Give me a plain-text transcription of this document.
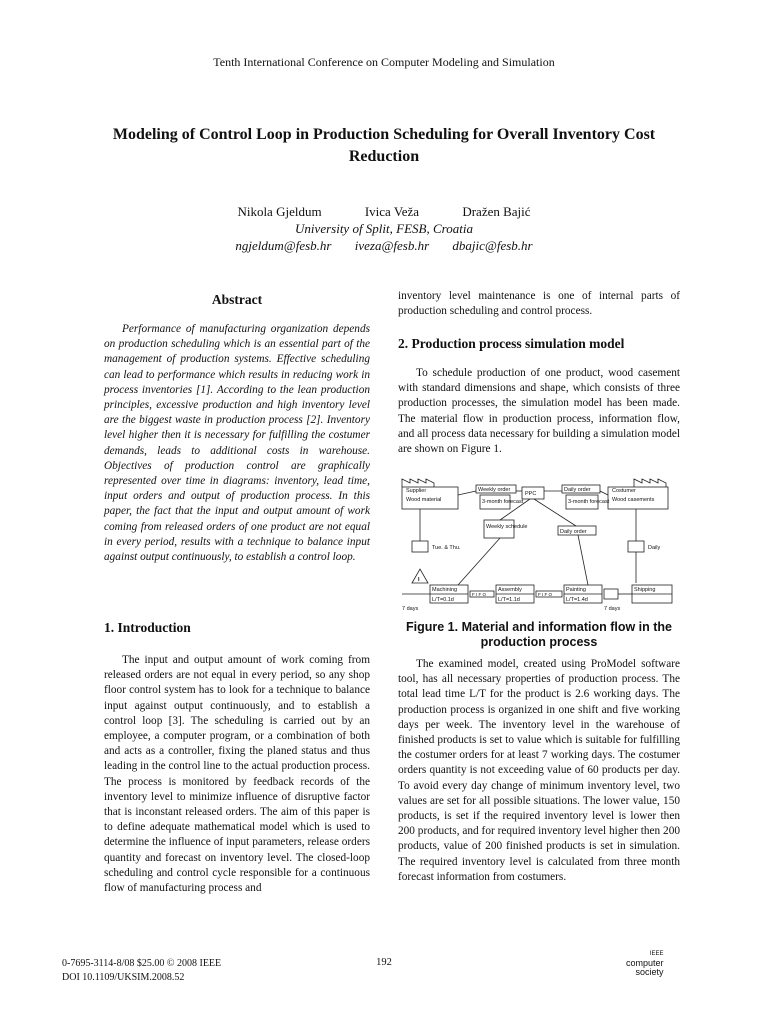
Tenth International Conference on Computer Modeling and Simulation
Modeling of Control Loop in Production Scheduling for Overall Inventory Cost Reduction
Nikola Gjeldum	Ivica Veža	Dražen Bajić
University of Split, FESB, Croatia
ngjeldum@fesb.hr iveza@fesb.hr dbajic@fesb.hr
Abstract

Performance of manufacturing organization depends on production scheduling which is an essential part of the management of production systems. Effective scheduling can lead to performance which results in reducing work in process inventories [1]. According to the lean production principles, excessive production and high inventory level are the biggest waste in production process [2]. Inventory level higher then it is necessary for fulfilling the costumer demands, leads to additional costs in warehouse. Objectives of production control are graphically represented over time in diagrams: inventory, lead time, input orders and output of production process. In this paper, the fact that the input and output amount of work coming from released orders of one product are not equal in every period, results with a technique to balance input against output continuously, to establish a control loop.

1. Introduction

The input and output amount of work coming from released orders are not equal in every period, so any shop floor control system has to look for a technique to balance input against output continuously, and to establish a control loop [3]. The scheduling is carried out by an employee, a computer program, or a combination of both and acts as a controller, fixing the planed status and thus leading in the control line to the actual production process. The process is monitored by feedback records of the inventory level to minimize influence of disruptive factor that is inconstant released orders. The aim of this paper is to define adequate mathematical model which is used to determine the influence of input parameters, release orders quantity and forecast on inventory level. The closed-loop scheduling and control cycle responsible for a continuous flow of manufacturing process and

inventory level maintenance is one of internal parts of production scheduling and control process.

2. Production process simulation model

To schedule production of one product, wood casement with standard dimensions and shape, which consists of three production processes, the simulation model has been made. The material flow in production process, information flow, and all process data necessary for building a simulation model are shown on Figure 1.

Supplier
Wood material
Weekly order
3-month forecast
PPC
Daily order
3-month forecast
Costumer
Wood casements
Weekly schedule
Daily order
Tue. & Thu.	Daily
Machining
L/T=0.1d
Assembly
L/T=1.1d
Painting
L/T=1.4d
Shipping
F I F O	F I F O
7 days	7 days
I
Figure 1. Material and information flow in the production process

The examined model, created using ProModel software tool, has all necessary properties of production process. The total lead time L/T for the product is 2.6 working days. The production process is organized in one shift and five working days per week. The inventory level in the warehouse of finished products is set to value which is suitable for fulfilling the costumer orders for at least 7 working days. The costumer orders quantity is not exceeding value of 60 products per day. To avoid every day change of minimum inventory level, two values are set for all possible situations. The lower value, 150 products, is set if the required inventory level is lower then 200 products, and for required inventory level higher then 200 products, value of 200 finished products is set in simulation. The required inventory level is calculated from three month forecast information from costumers.

0-7695-3114-8/08 $25.00 © 2008 IEEE
DOI 10.1109/UKSIM.2008.52
192
IEEE
computer
society
